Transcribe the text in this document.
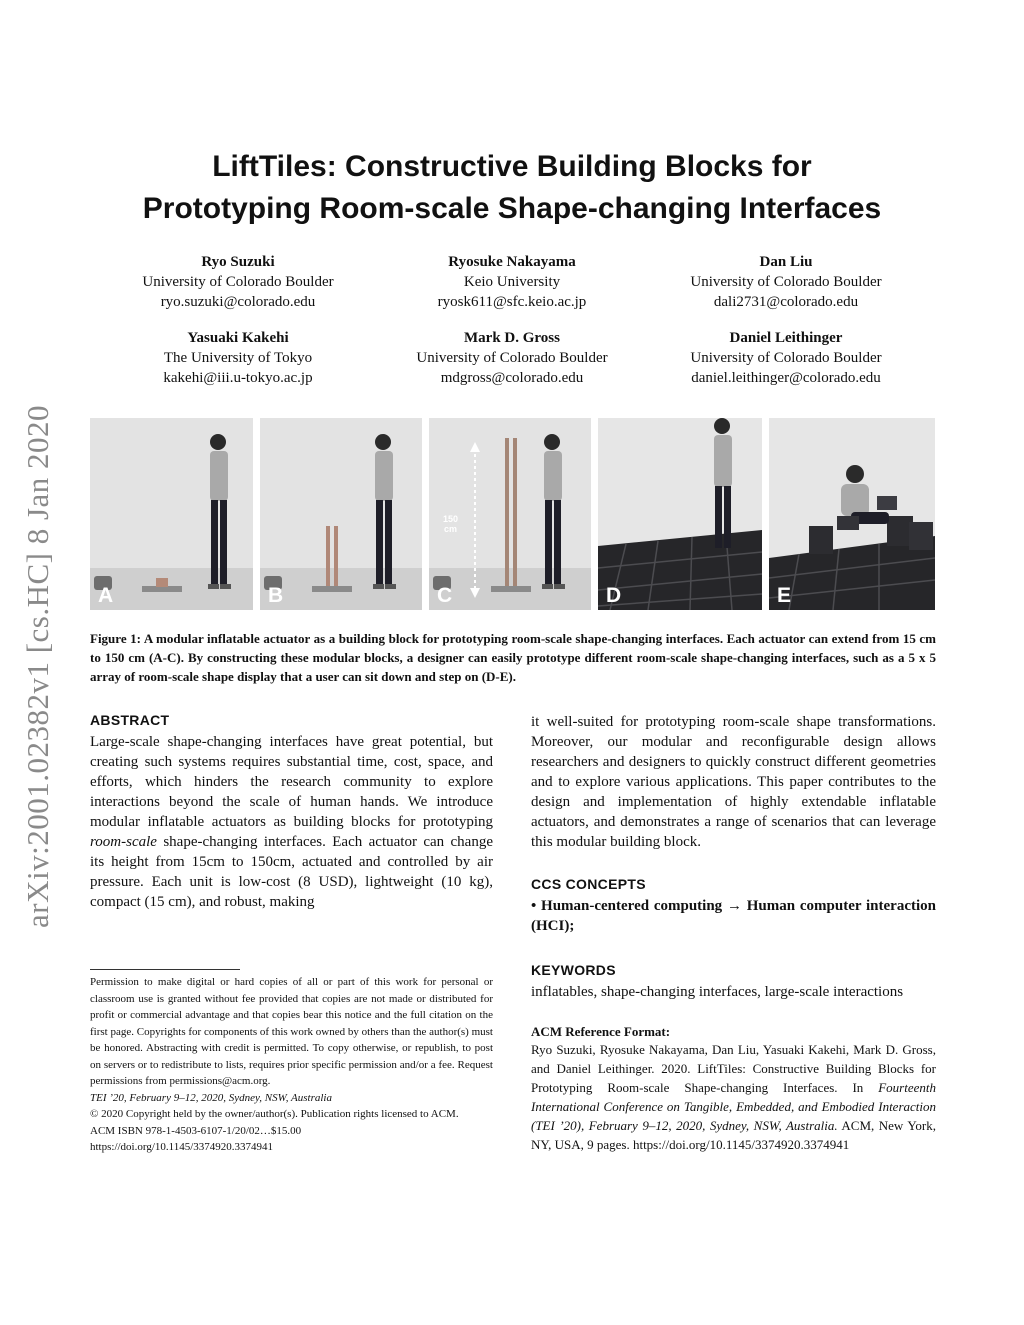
arXiv:2001.02382v1 [cs.HC] 8 Jan 2020
LiftTiles: Constructive Building Blocks for
Prototyping Room-scale Shape-changing Interfaces
Ryo Suzuki
University of Colorado Boulder
ryo.suzuki@colorado.edu
Ryosuke Nakayama
Keio University
ryosk611@sfc.keio.ac.jp
Dan Liu
University of Colorado Boulder
dali2731@colorado.edu
Yasuaki Kakehi
The University of Tokyo
kakehi@iii.u-tokyo.ac.jp
Mark D. Gross
University of Colorado Boulder
mdgross@colorado.edu
Daniel Leithinger
University of Colorado Boulder
daniel.leithinger@colorado.edu
A	B
150
cm
C	D	E

Figure 1: A modular inflatable actuator as a building block for prototyping room-scale shape-changing interfaces. Each actuator can extend from 15 cm to 150 cm (A-C). By constructing these modular blocks, a designer can easily prototype different room-scale shape-changing interfaces, such as a 5 x 5 array of room-scale shape display that a user can sit down and step on (D-E).

ABSTRACT

Large-scale shape-changing interfaces have great potential, but creating such systems requires substantial time, cost, space, and efforts, which hinders the research community to explore interactions beyond the scale of human hands. We introduce modular inflatable actuators as building blocks for prototyping room-scale shape-changing interfaces. Each actuator can change its height from 15cm to 150cm, actuated and controlled by air pressure. Each unit is low-cost (8 USD), lightweight (10 kg), compact (15 cm), and robust, making

it well-suited for prototyping room-scale shape transformations. Moreover, our modular and reconfigurable design allows researchers and designers to quickly construct different geometries and to explore various applications. This paper contributes to the design and implementation of highly extendable inflatable actuators, and demonstrates a range of scenarios that can leverage this modular building block.

CCS CONCEPTS

• Human-centered computing → Human computer interaction (HCI);

KEYWORDS

inflatables, shape-changing interfaces, large-scale interactions

ACM Reference Format:

Ryo Suzuki, Ryosuke Nakayama, Dan Liu, Yasuaki Kakehi, Mark D. Gross, and Daniel Leithinger. 2020. LiftTiles: Constructive Building Blocks for Prototyping Room-scale Shape-changing Interfaces. In Fourteenth International Conference on Tangible, Embedded, and Embodied Interaction (TEI ’20), February 9–12, 2020, Sydney, NSW, Australia. ACM, New York, NY, USA, 9 pages. https://doi.org/10.1145/3374920.3374941

Permission to make digital or hard copies of all or part of this work for personal or classroom use is granted without fee provided that copies are not made or distributed for profit or commercial advantage and that copies bear this notice and the full citation on the first page. Copyrights for components of this work owned by others than the author(s) must be honored. Abstracting with credit is permitted. To copy otherwise, or republish, to post on servers or to redistribute to lists, requires prior specific permission and/or a fee. Request permissions from permissions@acm.org.

TEI ’20, February 9–12, 2020, Sydney, NSW, Australia

© 2020 Copyright held by the owner/author(s). Publication rights licensed to ACM.

ACM ISBN 978-1-4503-6107-1/20/02…$15.00

https://doi.org/10.1145/3374920.3374941
